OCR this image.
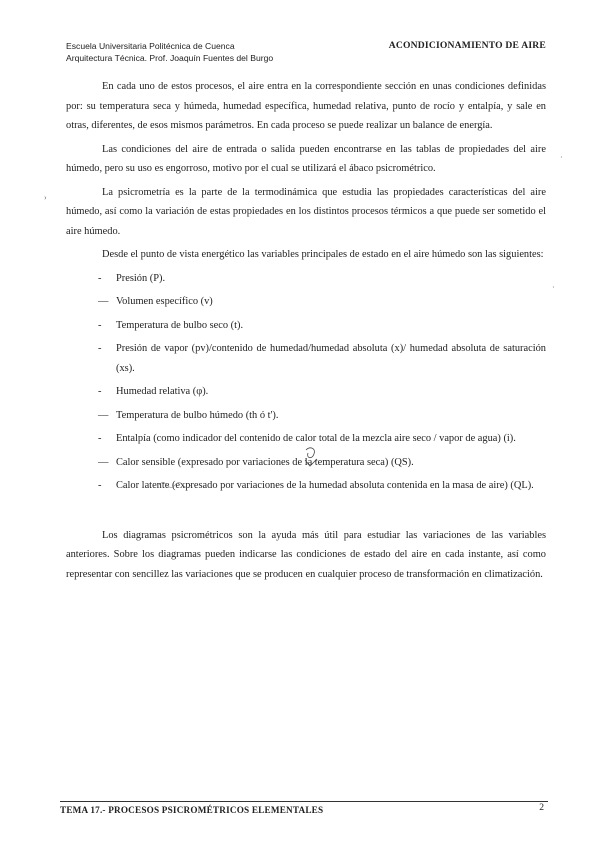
Escuela Universitaria Politécnica de Cuenca
Arquitectura Técnica. Prof. Joaquín Fuentes del Burgo
ACONDICIONAMIENTO DE AIRE

En cada uno de estos procesos, el aire entra en la correspondiente sección en unas condiciones definidas por: su temperatura seca y húmeda, humedad específica, humedad relativa, punto de rocío y entalpía, y sale en otras, diferentes, de esos mismos parámetros. En cada proceso se puede realizar un balance de energía.

Las condiciones del aire de entrada o salida pueden encontrarse en las tablas de propiedades del aire húmedo, pero su uso es engorroso, motivo por el cual se utilizará el ábaco psicrométrico.

La psicrometría es la parte de la termodinámica que estudia las propiedades características del aire húmedo, así como la variación de estas propiedades en los distintos procesos térmicos a que puede ser sometido el aire húmedo.

Desde el punto de vista energético las variables principales de estado en el aire húmedo son las siguientes:

-	Presión (P).
— Volumen específico (v)
-	Temperatura de bulbo seco (t).
-	Presión de vapor (pv)/contenido de humedad/humedad absoluta (x)/ humedad absoluta de saturación (xs).
-	Humedad relativa (φ).
— Temperatura de bulbo húmedo (th ó t').
-	Entalpía (como indicador del contenido de calor total de la mezcla aire seco / vapor de agua) (i).
— Calor sensible (expresado por variaciones de la temperatura seca) (QS).
-	Calor latente (expresado por variaciones de la humedad absoluta contenida en la masa de aire) (QL).

Los diagramas psicrométricos son la ayuda más útil para estudiar las variaciones de las variables anteriores. Sobre los diagramas pueden indicarse las condiciones de estado del aire en cada instante, así como representar con sencillez las variaciones que se producen en cualquier proceso de transformación en climatización.

›
·
·
TEMA 17.- PROCESOS PSICROMÉTRICOS ELEMENTALES	2
